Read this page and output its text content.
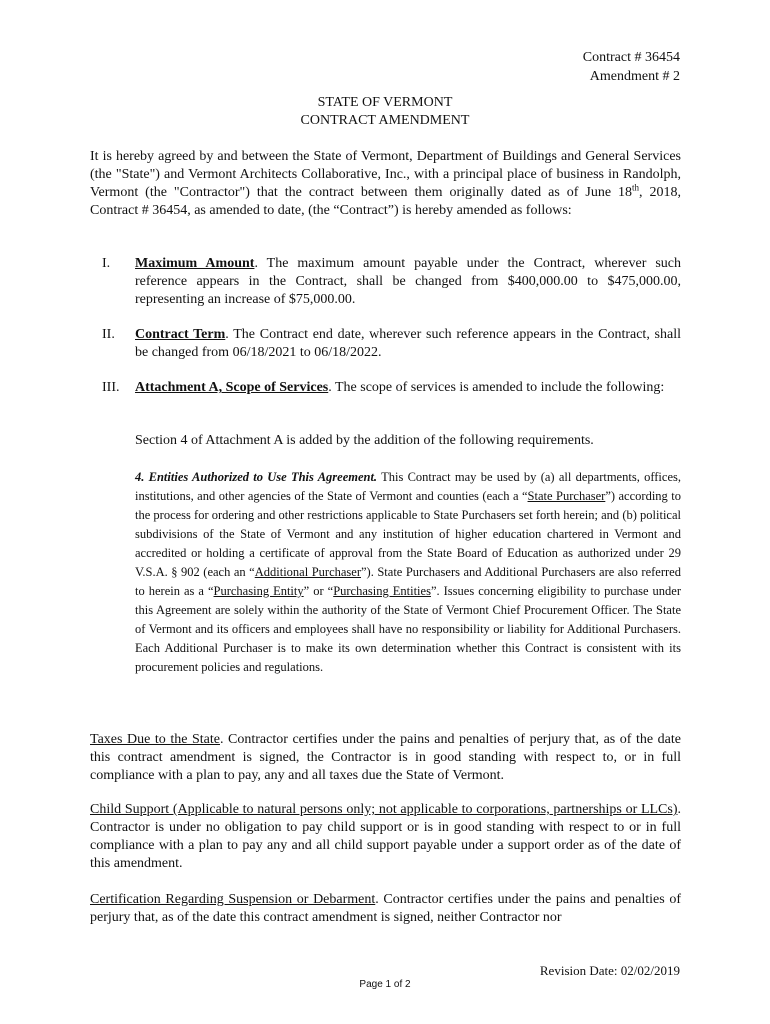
Contract # 36454
Amendment # 2
STATE OF VERMONT
CONTRACT AMENDMENT
It is hereby agreed by and between the State of Vermont, Department of Buildings and General Services (the "State") and Vermont Architects Collaborative, Inc., with a principal place of business in Randolph, Vermont (the "Contractor") that the contract between them originally dated as of June 18th, 2018, Contract # 36454, as amended to date, (the “Contract”) is hereby amended as follows:
I. Maximum Amount. The maximum amount payable under the Contract, wherever such reference appears in the Contract, shall be changed from $400,000.00 to $475,000.00, representing an increase of $75,000.00.
II. Contract Term. The Contract end date, wherever such reference appears in the Contract, shall be changed from 06/18/2021 to 06/18/2022.
III. Attachment A, Scope of Services. The scope of services is amended to include the following:
Section 4 of Attachment A is added by the addition of the following requirements.
4. Entities Authorized to Use This Agreement. This Contract may be used by (a) all departments, offices, institutions, and other agencies of the State of Vermont and counties (each a “State Purchaser”) according to the process for ordering and other restrictions applicable to State Purchasers set forth herein; and (b) political subdivisions of the State of Vermont and any institution of higher education chartered in Vermont and accredited or holding a certificate of approval from the State Board of Education as authorized under 29 V.S.A. § 902 (each an “Additional Purchaser”). State Purchasers and Additional Purchasers are also referred to herein as a “Purchasing Entity” or “Purchasing Entities”. Issues concerning eligibility to purchase under this Agreement are solely within the authority of the State of Vermont Chief Procurement Officer. The State of Vermont and its officers and employees shall have no responsibility or liability for Additional Purchasers. Each Additional Purchaser is to make its own determination whether this Contract is consistent with its procurement policies and regulations.
Taxes Due to the State. Contractor certifies under the pains and penalties of perjury that, as of the date this contract amendment is signed, the Contractor is in good standing with respect to, or in full compliance with a plan to pay, any and all taxes due the State of Vermont.
Child Support (Applicable to natural persons only; not applicable to corporations, partnerships or LLCs). Contractor is under no obligation to pay child support or is in good standing with respect to or in full compliance with a plan to pay any and all child support payable under a support order as of the date of this amendment.
Certification Regarding Suspension or Debarment. Contractor certifies under the pains and penalties of perjury that, as of the date this contract amendment is signed, neither Contractor nor
Revision Date: 02/02/2019
Page 1 of 2
